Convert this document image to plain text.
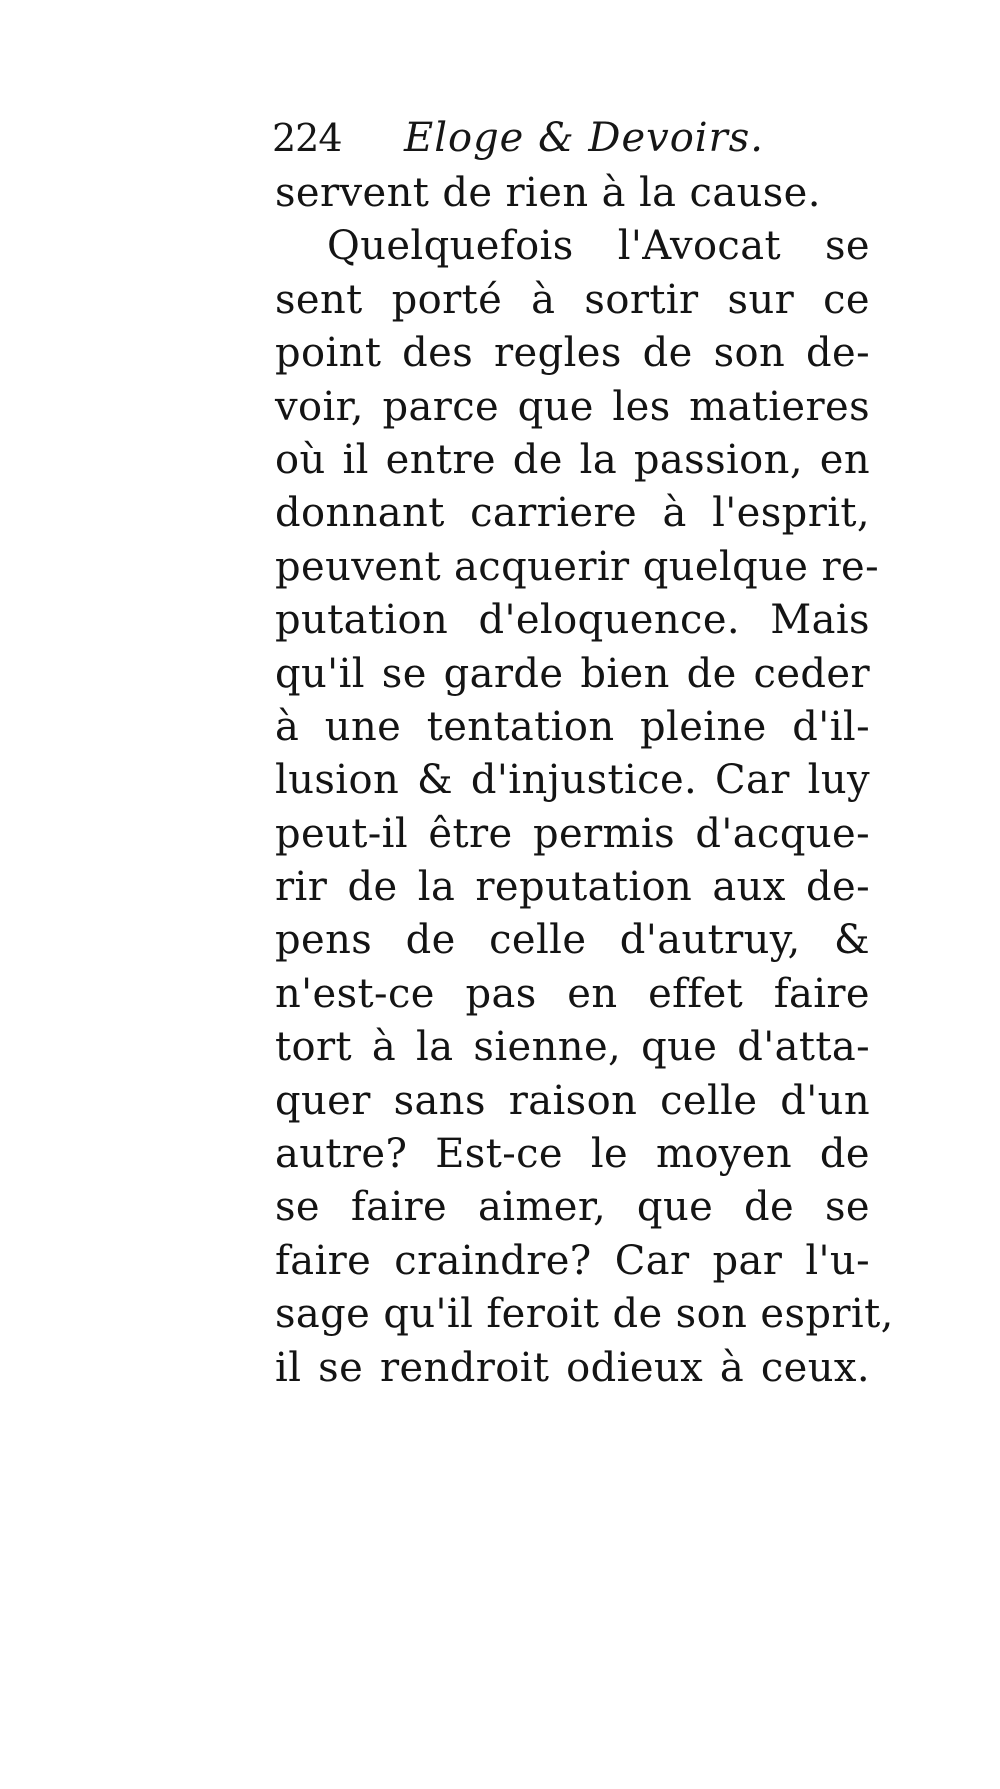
224 Eloge & Devoirs.
servent de rien à la cause.
Quelquefois l'Avocat se
sent porté à sortir sur ce
point des regles de son de-
voir, parce que les matieres
où il entre de la passion, en
donnant carriere à l'esprit,
peuvent acquerir quelque re-
putation d'eloquence. Mais
qu'il se garde bien de ceder
à une tentation pleine d'il-
lusion & d'injustice. Car luy
peut-il être permis d'acque-
rir de la reputation aux de-
pens de celle d'autruy, &
n'est-ce pas en effet faire
tort à la sienne, que d'atta-
quer sans raison celle d'un
autre? Est-ce le moyen de
se faire aimer, que de se
faire craindre? Car par l'u-
sage qu'il feroit de son esprit,
il se rendroit odieux à ceux.
